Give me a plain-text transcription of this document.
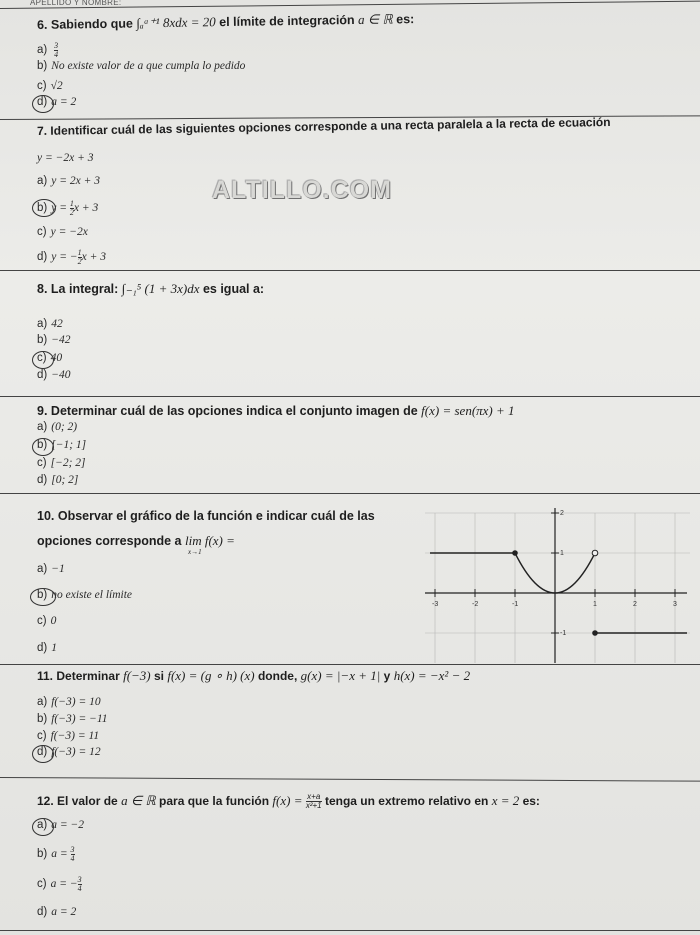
APELLIDO Y NOMBRE:
ALTILLO.COM
6. Sabiendo que ∫ₐᵃ⁺¹ 8xdx = 20 el límite de integración a ∈ ℝ es:
$a) \frac{3}{4}$
b) No existe valor de a que cumpla lo pedido
c) √2
d) a = 2
7. Identificar cuál de las siguientes opciones corresponde a una recta paralela a la recta de ecuación
y = −2x + 3
a) y = 2x + 3
b) $y = \frac{1}{2}$ x + 3
c) y = −2x
d) y = − $\frac{1}{2}$ x + 3
8. La integral: ∫₋₁⁵ (1 + 3x)dx es igual a:
a) 42
b) −42
c) 40
d) −40
9. Determinar cuál de las opciones indica el conjunto imagen de f(x) = sen(πx) + 1
a) (0; 2)
b) [−1; 1]
c) [−2; 2]
d) [0; 2]
10. Observar el gráfico de la función e indicar cuál de las
opciones corresponde a lim f(x) =
x→1
a) −1
b) no existe el límite
c) 0
d) 1
-3	-2	-1	1	2	3
2
1
-1
11. Determinar f(−3) si f(x) = (g ∘ h) (x) donde, g(x) = |−x + 1| y h(x) = −x² − 2
a) f(−3) = 10
b) f(−3) = −11
c) f(−3) = 11
d) f(−3) = 12
12. El valor de a ∈ ℝ para que la función $f(x) = \frac{x+a}{\text{x²+1}}$ tenga un extremo relativo en x = 2 es:
a) a = −2
b) $a = \frac{3}{4}$
c) a = − $\frac{3}{4}$
d) a = 2
